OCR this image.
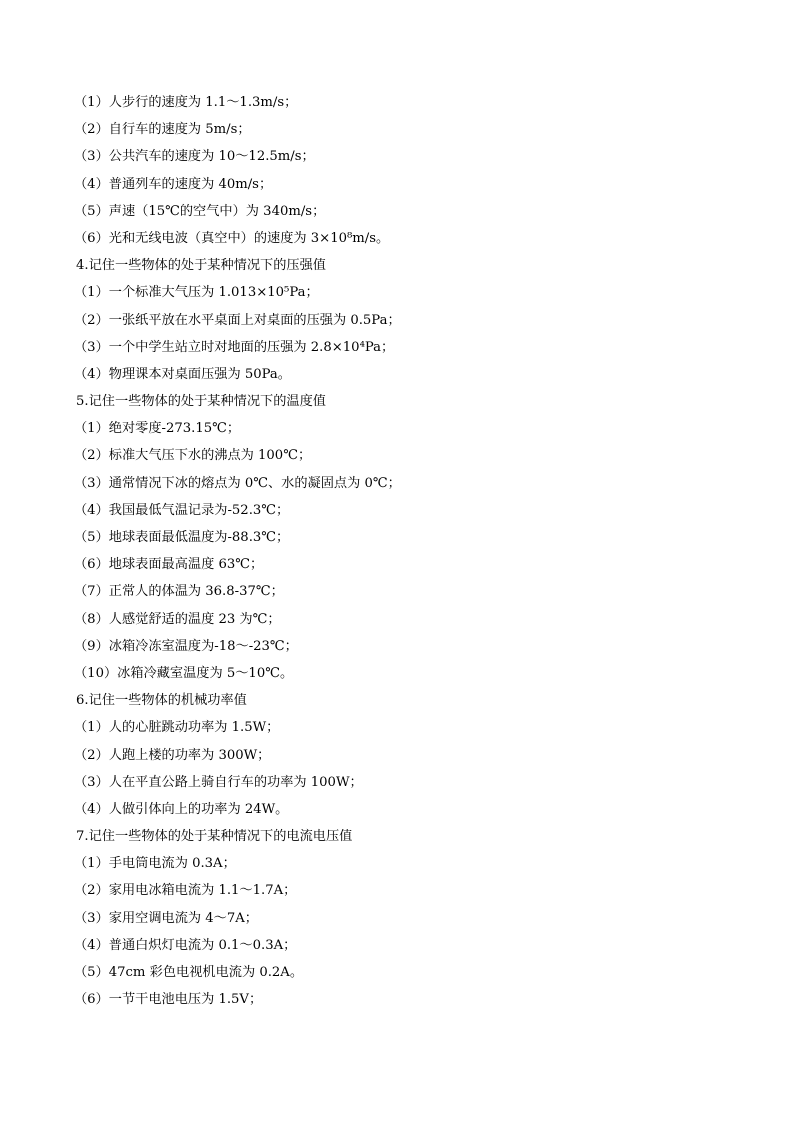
（1）人步行的速度为 1.1～1.3m/s；
（2）自行车的速度为 5m/s；
（3）公共汽车的速度为 10～12.5m/s；
（4）普通列车的速度为 40m/s；
（5）声速（15℃的空气中）为 340m/s；
（6）光和无线电波（真空中）的速度为 3×10⁸m/s。
4.记住一些物体的处于某种情况下的压强值
（1）一个标准大气压为 1.013×10⁵Pa；
（2）一张纸平放在水平桌面上对桌面的压强为 0.5Pa；
（3）一个中学生站立时对地面的压强为 2.8×10⁴Pa；
（4）物理课本对桌面压强为 50Pa。
5.记住一些物体的处于某种情况下的温度值
（1）绝对零度-273.15℃；
（2）标准大气压下水的沸点为 100℃；
（3）通常情况下冰的熔点为 0℃、水的凝固点为 0℃；
（4）我国最低气温记录为-52.3℃；
（5）地球表面最低温度为-88.3℃；
（6）地球表面最高温度 63℃；
（7）正常人的体温为 36.8-37℃；
（8）人感觉舒适的温度 23 为℃；
（9）冰箱冷冻室温度为-18～-23℃；
（10）冰箱冷藏室温度为 5～10℃。
6.记住一些物体的机械功率值
（1）人的心脏跳动功率为 1.5W；
（2）人跑上楼的功率为 300W；
（3）人在平直公路上骑自行车的功率为 100W；
（4）人做引体向上的功率为 24W。
7.记住一些物体的处于某种情况下的电流电压值
（1）手电筒电流为 0.3A；
（2）家用电冰箱电流为 1.1～1.7A；
（3）家用空调电流为 4～7A；
（4）普通白炽灯电流为 0.1～0.3A；
（5）47cm 彩色电视机电流为 0.2A。
（6）一节干电池电压为 1.5V；
